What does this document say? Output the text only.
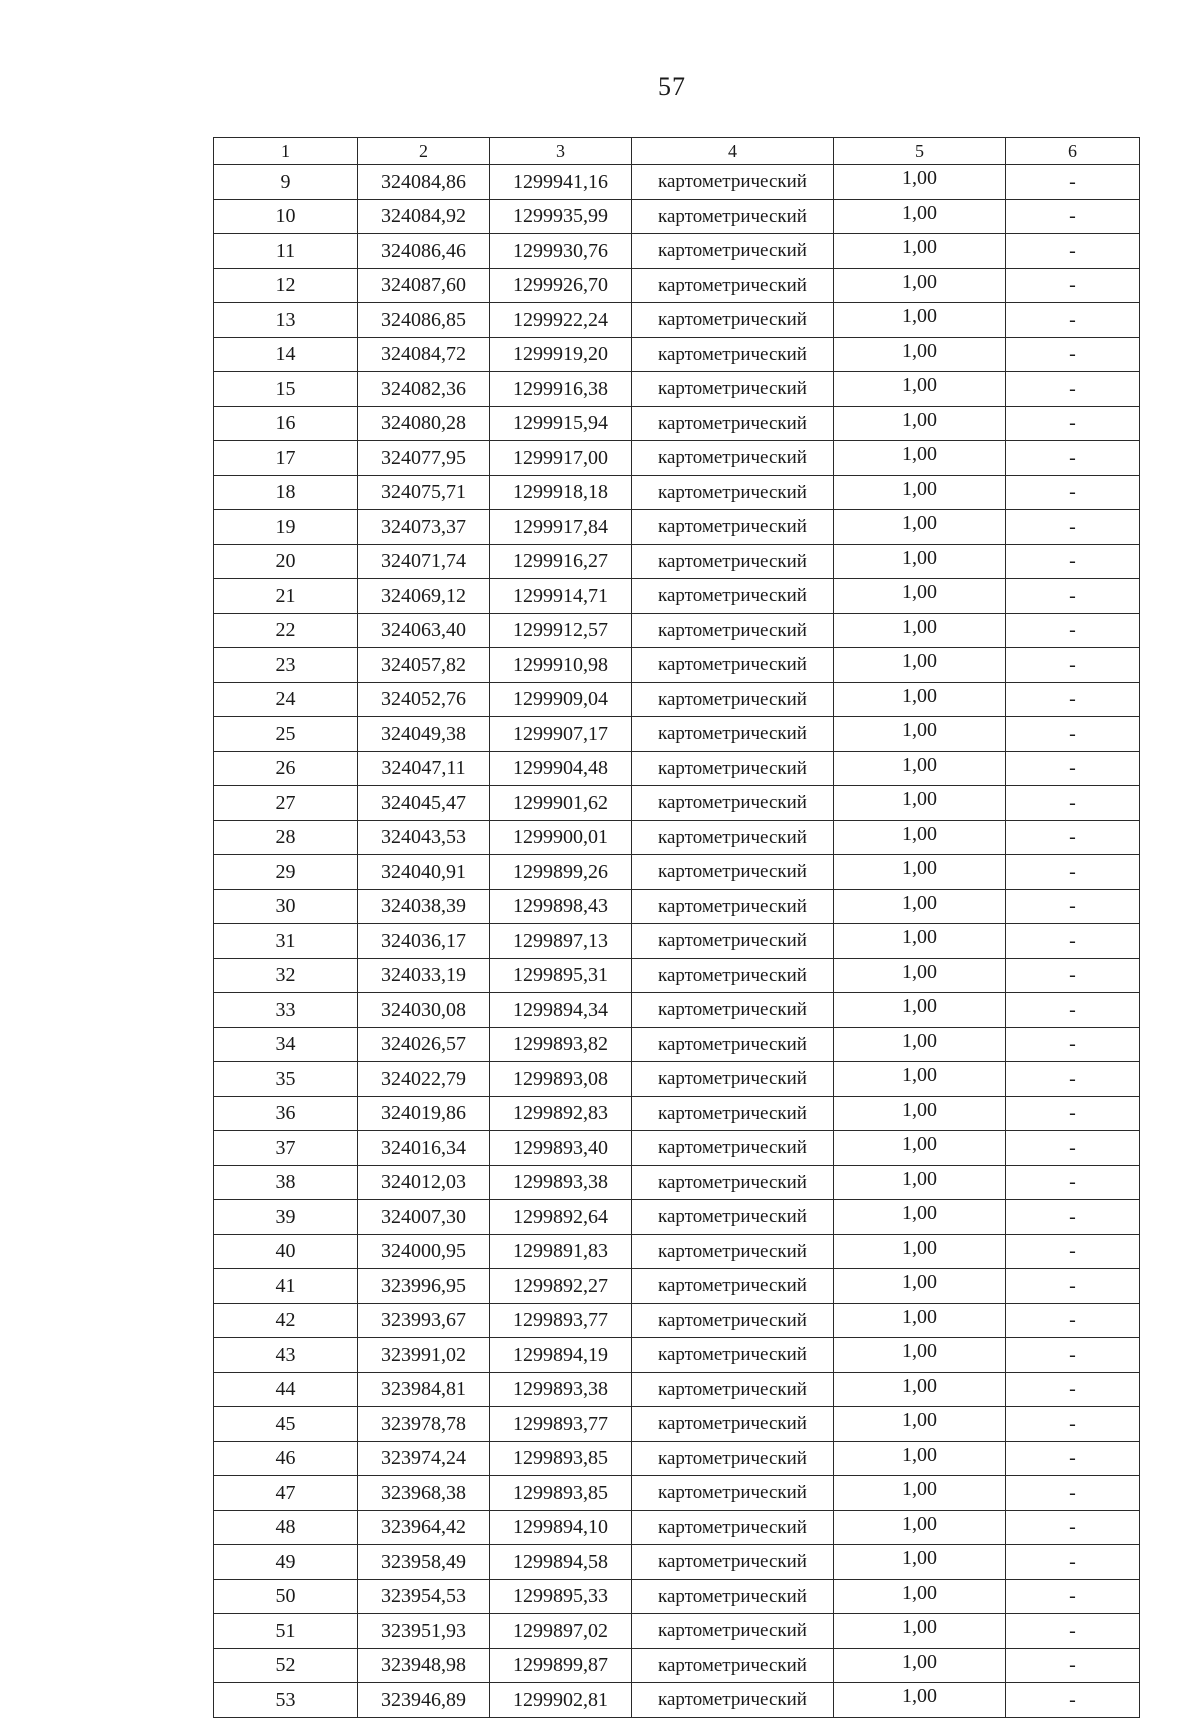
57
1	2	3	4	5	6
9	324084,86	1299941,16	картометрический	1,00	-
10	324084,92	1299935,99	картометрический	1,00	-
11	324086,46	1299930,76	картометрический	1,00	-
12	324087,60	1299926,70	картометрический	1,00	-
13	324086,85	1299922,24	картометрический	1,00	-
14	324084,72	1299919,20	картометрический	1,00	-
15	324082,36	1299916,38	картометрический	1,00	-
16	324080,28	1299915,94	картометрический	1,00	-
17	324077,95	1299917,00	картометрический	1,00	-
18	324075,71	1299918,18	картометрический	1,00	-
19	324073,37	1299917,84	картометрический	1,00	-
20	324071,74	1299916,27	картометрический	1,00	-
21	324069,12	1299914,71	картометрический	1,00	-
22	324063,40	1299912,57	картометрический	1,00	-
23	324057,82	1299910,98	картометрический	1,00	-
24	324052,76	1299909,04	картометрический	1,00	-
25	324049,38	1299907,17	картометрический	1,00	-
26	324047,11	1299904,48	картометрический	1,00	-
27	324045,47	1299901,62	картометрический	1,00	-
28	324043,53	1299900,01	картометрический	1,00	-
29	324040,91	1299899,26	картометрический	1,00	-
30	324038,39	1299898,43	картометрический	1,00	-
31	324036,17	1299897,13	картометрический	1,00	-
32	324033,19	1299895,31	картометрический	1,00	-
33	324030,08	1299894,34	картометрический	1,00	-
34	324026,57	1299893,82	картометрический	1,00	-
35	324022,79	1299893,08	картометрический	1,00	-
36	324019,86	1299892,83	картометрический	1,00	-
37	324016,34	1299893,40	картометрический	1,00	-
38	324012,03	1299893,38	картометрический	1,00	-
39	324007,30	1299892,64	картометрический	1,00	-
40	324000,95	1299891,83	картометрический	1,00	-
41	323996,95	1299892,27	картометрический	1,00	-
42	323993,67	1299893,77	картометрический	1,00	-
43	323991,02	1299894,19	картометрический	1,00	-
44	323984,81	1299893,38	картометрический	1,00	-
45	323978,78	1299893,77	картометрический	1,00	-
46	323974,24	1299893,85	картометрический	1,00	-
47	323968,38	1299893,85	картометрический	1,00	-
48	323964,42	1299894,10	картометрический	1,00	-
49	323958,49	1299894,58	картометрический	1,00	-
50	323954,53	1299895,33	картометрический	1,00	-
51	323951,93	1299897,02	картометрический	1,00	-
52	323948,98	1299899,87	картометрический	1,00	-
53	323946,89	1299902,81	картометрический	1,00	-
